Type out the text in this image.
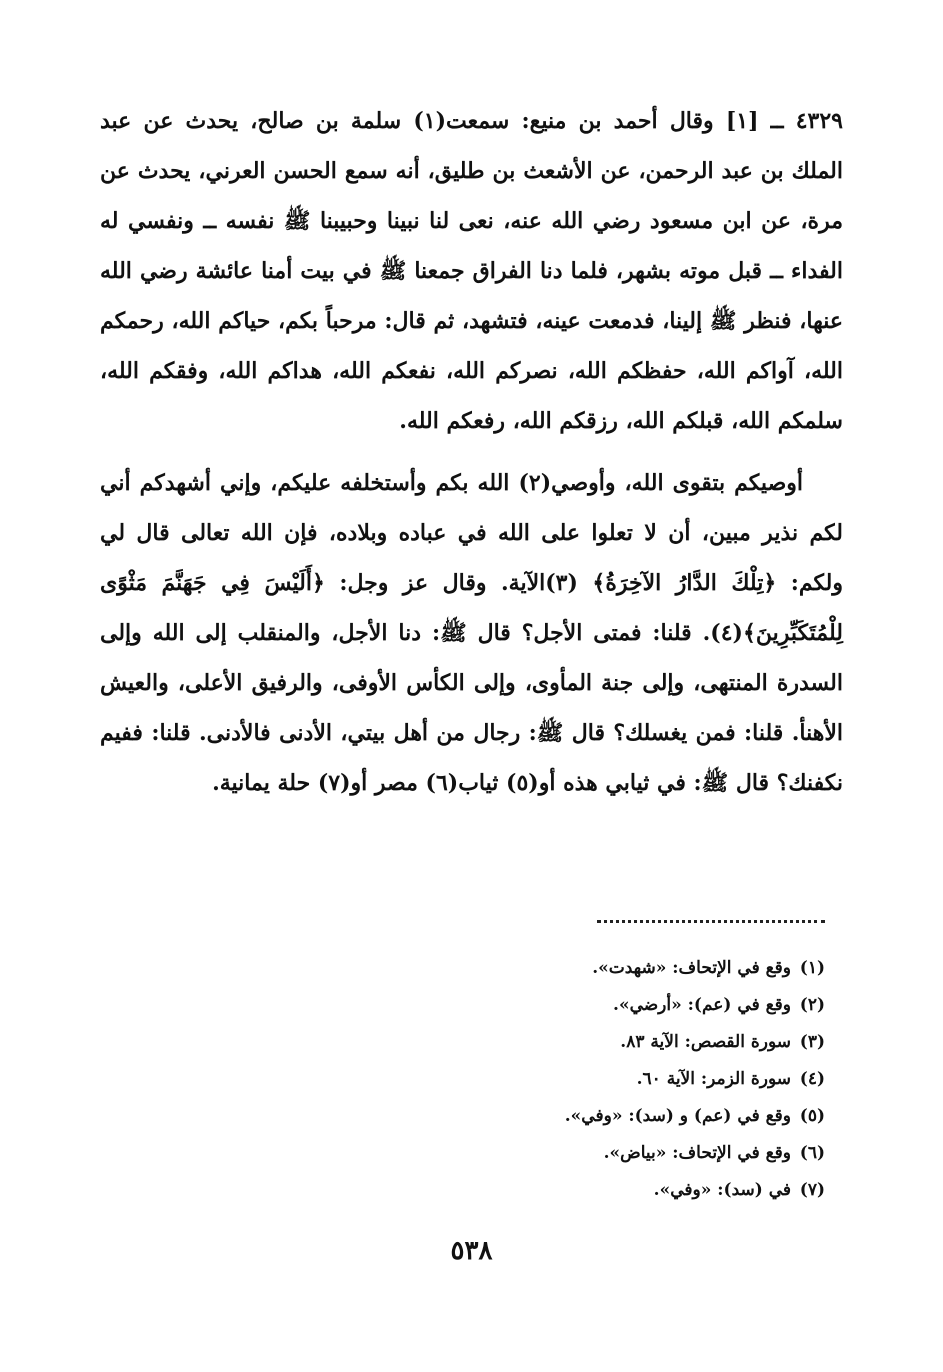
٤٣٢٩ ــ [١] وقال أحمد بن منيع: سمعت(١) سلمة بن صالح، يحدث عن عبد الملك بن عبد الرحمن، عن الأشعث بن طليق، أنه سمع الحسن العرني، يحدث عن مرة، عن ابن مسعود رضي الله عنه، نعى لنا نبينا وحبيبنا ﷺ نفسه ــ ونفسي له الفداء ــ قبل موته بشهر، فلما دنا الفراق جمعنا ﷺ في بيت أمنا عائشة رضي الله عنها، فنظر ﷺ إلينا، فدمعت عينه، فتشهد، ثم قال: مرحباً بكم، حياكم الله، رحمكم الله، آواكم الله، حفظكم الله، نصركم الله، نفعكم الله، هداكم الله، وفقكم الله، سلمكم الله، قبلكم الله، رزقكم الله، رفعكم الله.

أوصيكم بتقوى الله، وأوصي(٢) الله بكم وأستخلفه عليكم، وإني أشهدكم أني لكم نذير مبين، أن لا تعلوا على الله في عباده وبلاده، فإن الله تعالى قال لي ولكم: ﴿تِلْكَ الدَّارُ الآخِرَةُ﴾ (٣)الآية. وقال عز وجل: ﴿أَلَيْسَ فِي جَهَنَّمَ مَثْوًى لِلْمُتَكَبِّرِينَ﴾(٤). قلنا: فمتى الأجل؟ قال ﷺ: دنا الأجل، والمنقلب إلى الله وإلى السدرة المنتهى، وإلى جنة المأوى، وإلى الكأس الأوفى، والرفيق الأعلى، والعيش الأهنأ. قلنا: فمن يغسلك؟ قال ﷺ: رجال من أهل بيتي، الأدنى فالأدنى. قلنا: ففيم نكفنك؟ قال ﷺ: في ثيابي هذه أو(٥) ثياب(٦) مصر أو(٧) حلة يمانية.

(١)
وقع في الإتحاف: «شهدت».
(٢)
وقع في (عم): «أرضي».
(٣)
سورة القصص: الآية ٨٣.
(٤)
سورة الزمر: الآية ٦٠.
(٥)
وقع في (عم) و (سد): «وفي».
(٦)
وقع في الإتحاف: «بياض».
(٧)
في (سد): «وفي».
٥٣٨
